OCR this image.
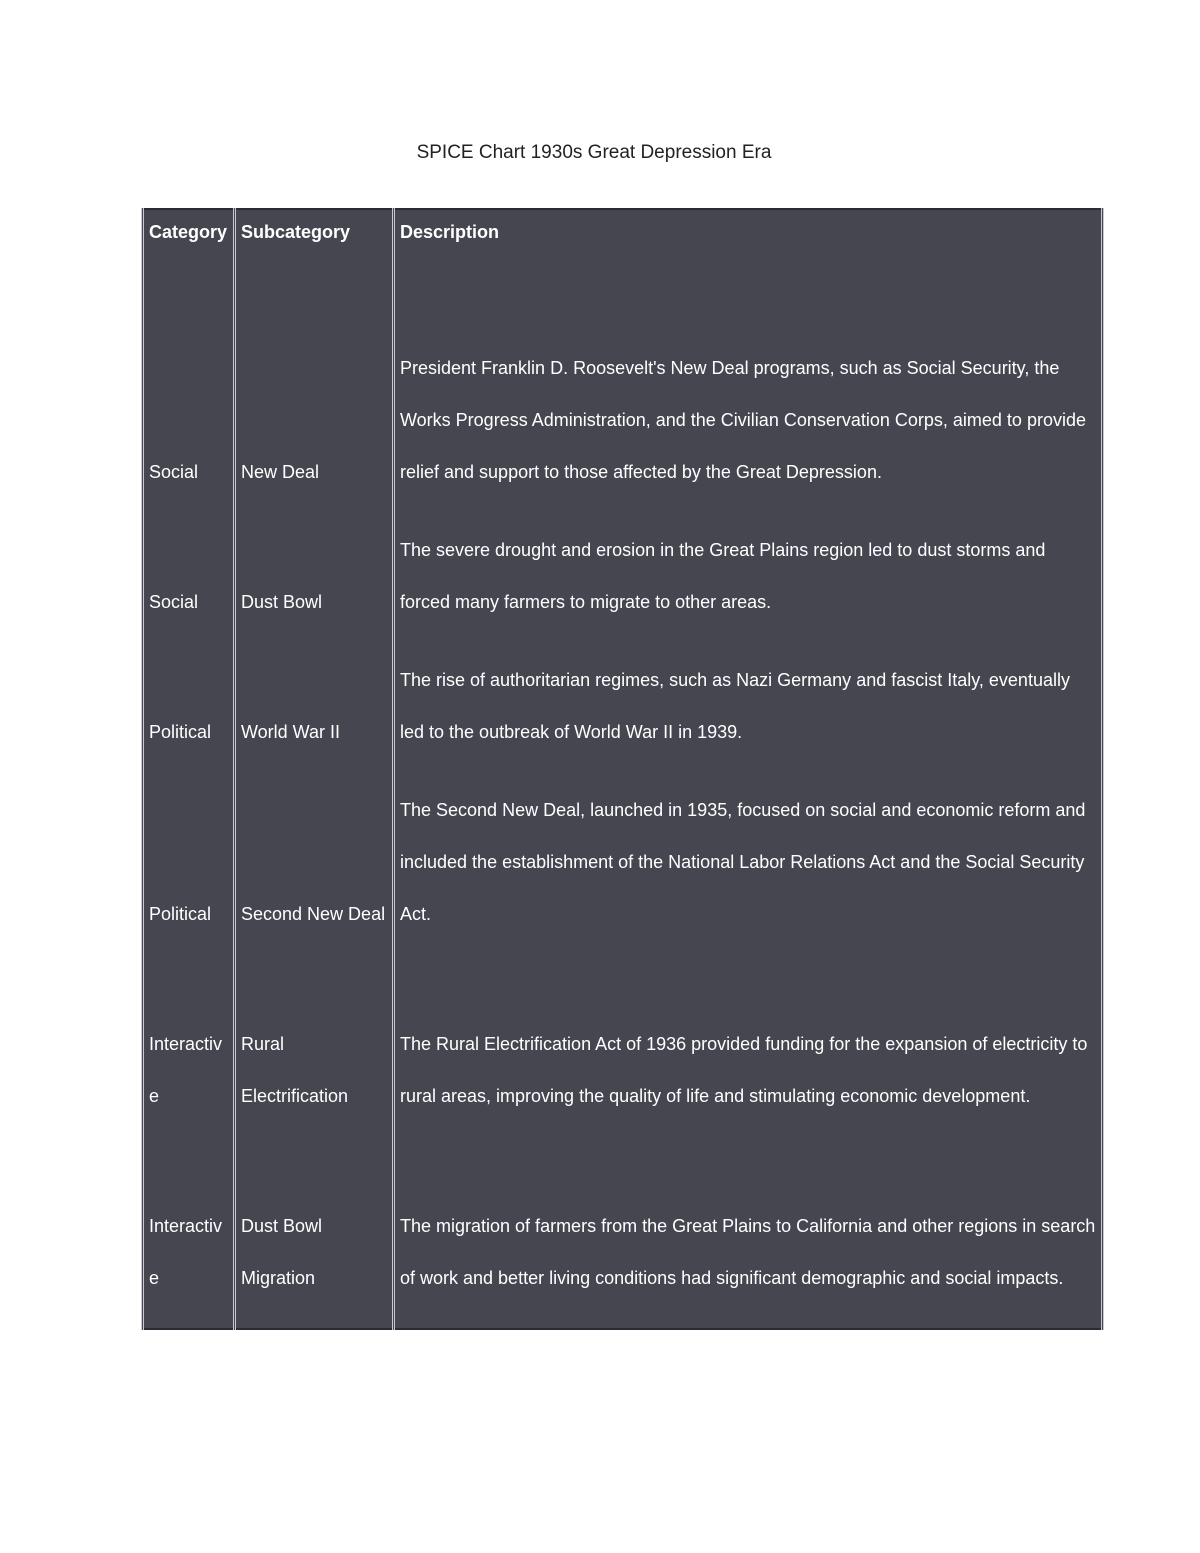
SPICE Chart 1930s Great Depression Era
Category	Subcategory	Description
Social	New Deal	President Franklin D. Roosevelt's New Deal programs, such as Social Security, the Works Progress Administration, and the Civilian Conservation Corps, aimed to provide relief and support to those affected by the Great Depression.
Social	Dust Bowl	The severe drought and erosion in the Great Plains region led to dust storms and forced many farmers to migrate to other areas.
Political	World War II	The rise of authoritarian regimes, such as Nazi Germany and fascist Italy, eventually led to the outbreak of World War II in 1939.
Political	Second New Deal	The Second New Deal, launched in 1935, focused on social and economic reform and included the establishment of the National Labor Relations Act and the Social Security Act.
Interactive	Rural Electrification	The Rural Electrification Act of 1936 provided funding for the expansion of electricity to rural areas, improving the quality of life and stimulating economic development.
Interactive	Dust Bowl Migration	The migration of farmers from the Great Plains to California and other regions in search of work and better living conditions had significant demographic and social impacts.
